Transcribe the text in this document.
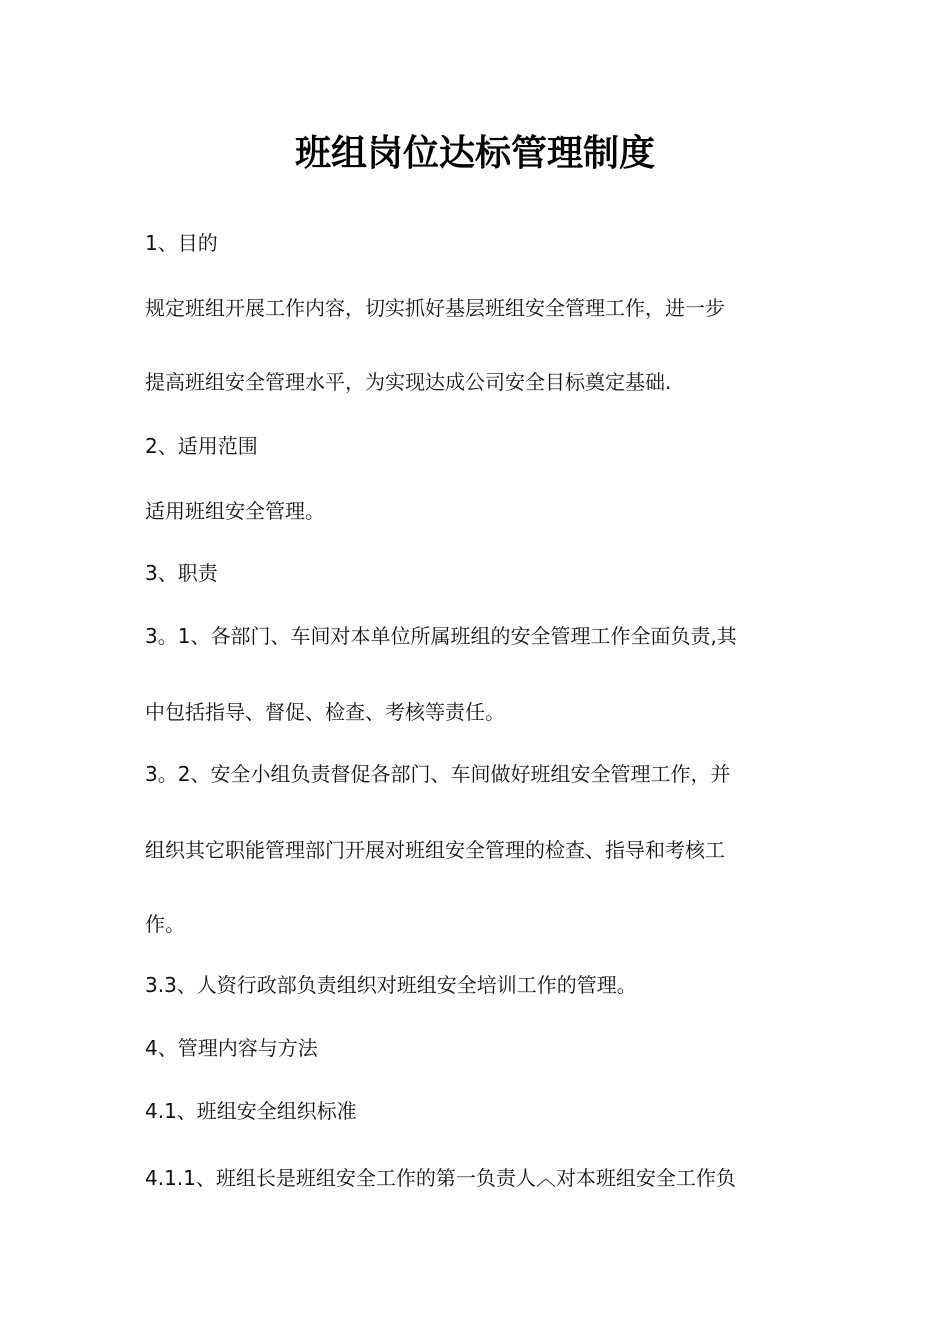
班组岗位达标管理制度
1、目的
规定班组开展工作内容，切实抓好基层班组安全管理工作，进一步
提高班组安全管理水平，为实现达成公司安全目标奠定基础.
2、适用范围
适用班组安全管理。
3、职责
3。1、各部门、车间对本单位所属班组的安全管理工作全面负责,其
中包括指导、督促、检查、考核等责任。
3。2、安全小组负责督促各部门、车间做好班组安全管理工作，并
组织其它职能管理部门开展对班组安全管理的检查、指导和考核工
作。
3.3、人资行政部负责组织对班组安全培训工作的管理。
4、管理内容与方法
4.1、班组安全组织标准
4.1.1、班组长是班组安全工作的第一负责人︿对本班组安全工作负
